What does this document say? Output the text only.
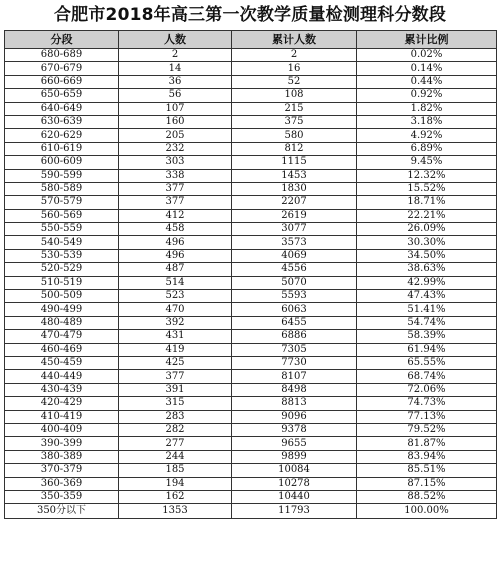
合肥市2018年高三第一次教学质量检测理科分数段
分段	人数	累计人数	累计比例
680-689	2	2	0.02%
670-679	14	16	0.14%
660-669	36	52	0.44%
650-659	56	108	0.92%
640-649	107	215	1.82%
630-639	160	375	3.18%
620-629	205	580	4.92%
610-619	232	812	6.89%
600-609	303	1115	9.45%
590-599	338	1453	12.32%
580-589	377	1830	15.52%
570-579	377	2207	18.71%
560-569	412	2619	22.21%
550-559	458	3077	26.09%
540-549	496	3573	30.30%
530-539	496	4069	34.50%
520-529	487	4556	38.63%
510-519	514	5070	42.99%
500-509	523	5593	47.43%
490-499	470	6063	51.41%
480-489	392	6455	54.74%
470-479	431	6886	58.39%
460-469	419	7305	61.94%
450-459	425	7730	65.55%
440-449	377	8107	68.74%
430-439	391	8498	72.06%
420-429	315	8813	74.73%
410-419	283	9096	77.13%
400-409	282	9378	79.52%
390-399	277	9655	81.87%
380-389	244	9899	83.94%
370-379	185	10084	85.51%
360-369	194	10278	87.15%
350-359	162	10440	88.52%
350分以下	1353	11793	100.00%
